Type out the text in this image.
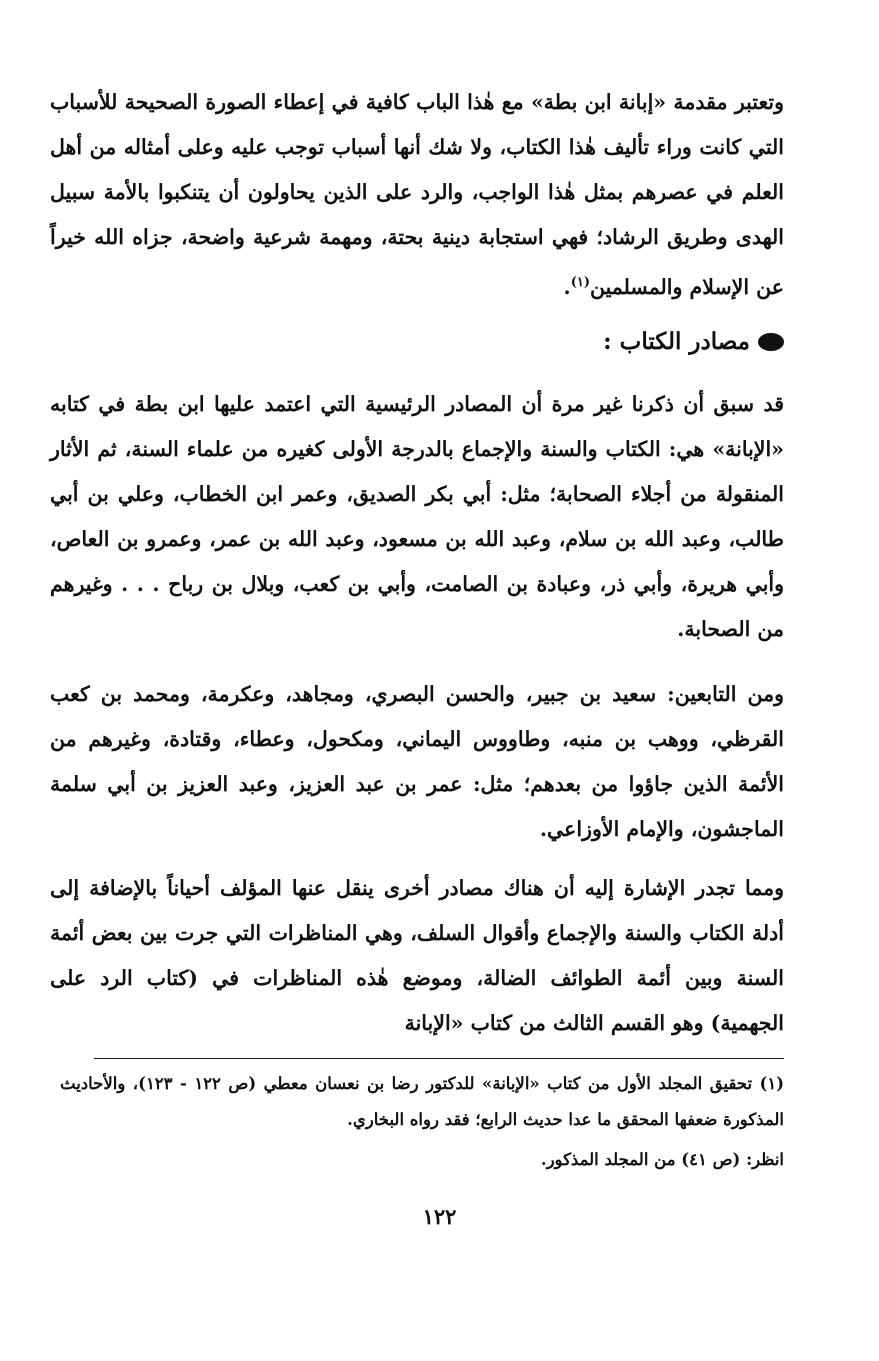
وتعتبر مقدمة «إبانة ابن بطة» مع هٰذا الباب كافية في إعطاء الصورة الصحيحة للأسباب التي كانت وراء تأليف هٰذا الكتاب، ولا شك أنها أسباب توجب عليه وعلى أمثاله من أهل العلم في عصرهم بمثل هٰذا الواجب، والرد على الذين يحاولون أن يتنكبوا بالأمة سبيل الهدى وطريق الرشاد؛ فهي استجابة دينية بحتة، ومهمة شرعية واضحة، جزاه الله خيراً عن الإسلام والمسلمين$^{(١)}$.

مصادر الكتاب :

قد سبق أن ذكرنا غير مرة أن المصادر الرئيسية التي اعتمد عليها ابن بطة في كتابه «الإبانة» هي: الكتاب والسنة والإجماع بالدرجة الأولى كغيره من علماء السنة، ثم الأثار المنقولة من أجلاء الصحابة؛ مثل: أبي بكر الصديق، وعمر ابن الخطاب، وعلي بن أبي طالب، وعبد الله بن سلام، وعبد الله بن مسعود، وعبد الله بن عمر، وعمرو بن العاص، وأبي هريرة، وأبي ذر، وعبادة بن الصامت، وأبي بن كعب، وبلال بن رباح . . . وغيرهم من الصحابة.

ومن التابعين: سعيد بن جبير، والحسن البصري، ومجاهد، وعكرمة، ومحمد بن كعب القرظي، ووهب بن منبه، وطاووس اليماني، ومكحول، وعطاء، وقتادة، وغيرهم من الأئمة الذين جاؤوا من بعدهم؛ مثل: عمر بن عبد العزيز، وعبد العزيز بن أبي سلمة الماجشون، والإمام الأوزاعي.

ومما تجدر الإشارة إليه أن هناك مصادر أخرى ينقل عنها المؤلف أحياناً بالإضافة إلى أدلة الكتاب والسنة والإجماع وأقوال السلف، وهي المناظرات التي جرت بين بعض أئمة السنة وبين أئمة الطوائف الضالة، وموضع هٰذه المناظرات في (كتاب الرد على الجهمية) وهو القسم الثالث من كتاب «الإبانة

(١) تحقيق المجلد الأول من كتاب «الإبانة» للدكتور رضا بن نعسان معطي (ص ١٢٢ - ١٢٣)، والأحاديث المذكورة ضعفها المحقق ما عدا حديث الرابع؛ فقد رواه البخاري.

انظر: (ص ٤١) من المجلد المذكور.

١٢٢
